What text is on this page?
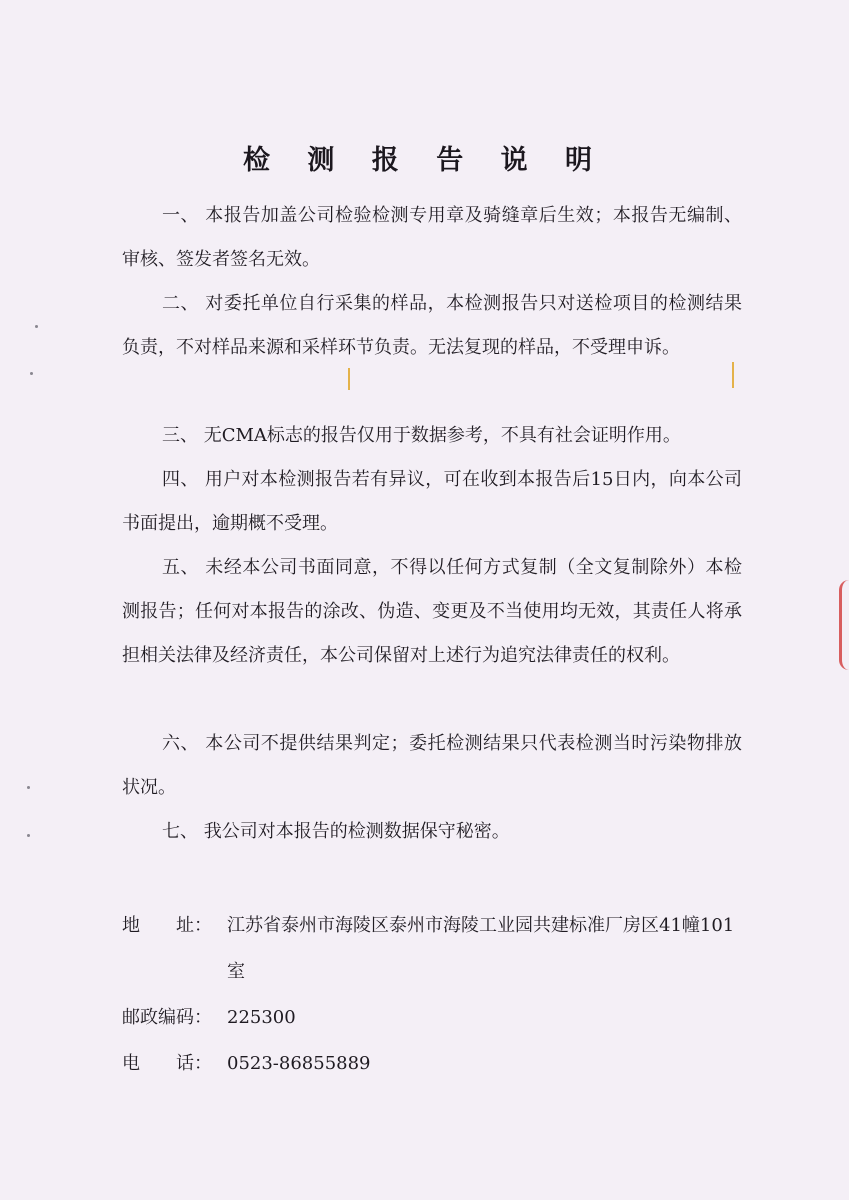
检 测 报 告 说 明
一、 本报告加盖公司检验检测专用章及骑缝章后生效；本报告无编制、审核、签发者签名无效。
二、 对委托单位自行采集的样品，本检测报告只对送检项目的检测结果负责，不对样品来源和采样环节负责。无法复现的样品，不受理申诉。
三、 无CMA标志的报告仅用于数据参考，不具有社会证明作用。
四、 用户对本检测报告若有异议，可在收到本报告后15日内，向本公司书面提出，逾期概不受理。
五、 未经本公司书面同意，不得以任何方式复制（全文复制除外）本检测报告；任何对本报告的涂改、伪造、变更及不当使用均无效，其责任人将承担相关法律及经济责任，本公司保留对上述行为追究法律责任的权利。
六、 本公司不提供结果判定；委托检测结果只代表检测当时污染物排放状况。
七、 我公司对本报告的检测数据保守秘密。
地　　址： 江苏省泰州市海陵区泰州市海陵工业园共建标准厂房区41幢101室
邮政编码： 225300
电　　话： 0523-86855889
